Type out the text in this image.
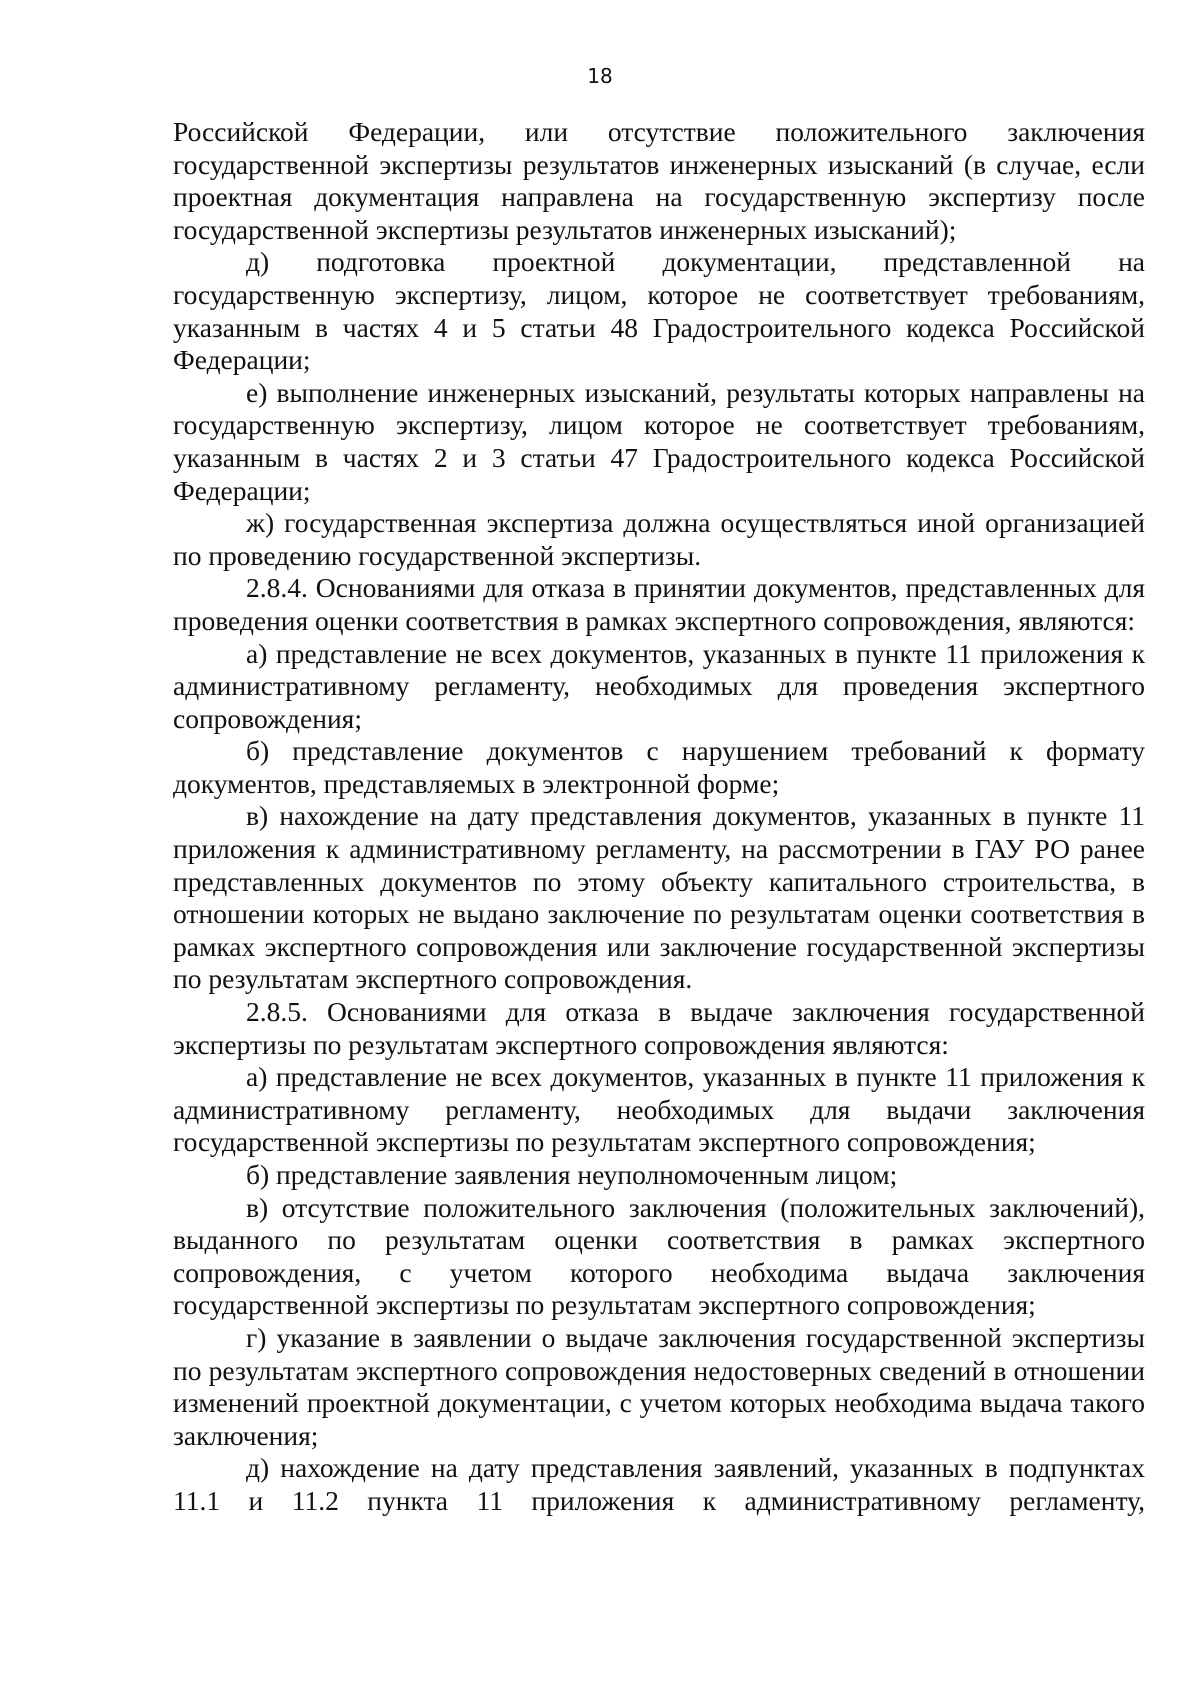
18

Российской Федерации, или отсутствие положительного заключения государственной экспертизы результатов инженерных изысканий (в случае, если проектная документация направлена на государственную экспертизу после государственной экспертизы результатов инженерных изысканий);

д) подготовка проектной документации, представленной на государственную экспертизу, лицом, которое не соответствует требованиям, указанным в частях 4 и 5 статьи 48 Градостроительного кодекса Российской Федерации;

е) выполнение инженерных изысканий, результаты которых направлены на государственную экспертизу, лицом которое не соответствует требованиям, указанным в частях 2 и 3 статьи 47 Градостроительного кодекса Российской Федерации;

ж) государственная экспертиза должна осуществляться иной организацией по проведению государственной экспертизы.

2.8.4. Основаниями для отказа в принятии документов, представленных для проведения оценки соответствия в рамках экспертного сопровождения, являются:

а) представление не всех документов, указанных в пункте 11 приложения к административному регламенту, необходимых для проведения экспертного сопровождения;

б) представление документов с нарушением требований к формату документов, представляемых в электронной форме;

в) нахождение на дату представления документов, указанных в пункте 11 приложения к административному регламенту, на рассмотрении в ГАУ РО ранее представленных документов по этому объекту капитального строительства, в отношении которых не выдано заключение по результатам оценки соответствия в рамках экспертного сопровождения или заключение государственной экспертизы по результатам экспертного сопровождения.

2.8.5. Основаниями для отказа в выдаче заключения государственной экспертизы по результатам экспертного сопровождения являются:

а) представление не всех документов, указанных в пункте 11 приложения к административному регламенту, необходимых для выдачи заключения государственной экспертизы по результатам экспертного сопровождения;

б) представление заявления неуполномоченным лицом;

в) отсутствие положительного заключения (положительных заключений), выданного по результатам оценки соответствия в рамках экспертного сопровождения, с учетом которого необходима выдача заключения государственной экспертизы по результатам экспертного сопровождения;

г) указание в заявлении о выдаче заключения государственной экспертизы по результатам экспертного сопровождения недостоверных сведений в отношении изменений проектной документации, с учетом которых необходима выдача такого заключения;

д) нахождение на дату представления заявлений, указанных в подпунктах 11.1 и 11.2 пункта 11 приложения к административному регламенту,
